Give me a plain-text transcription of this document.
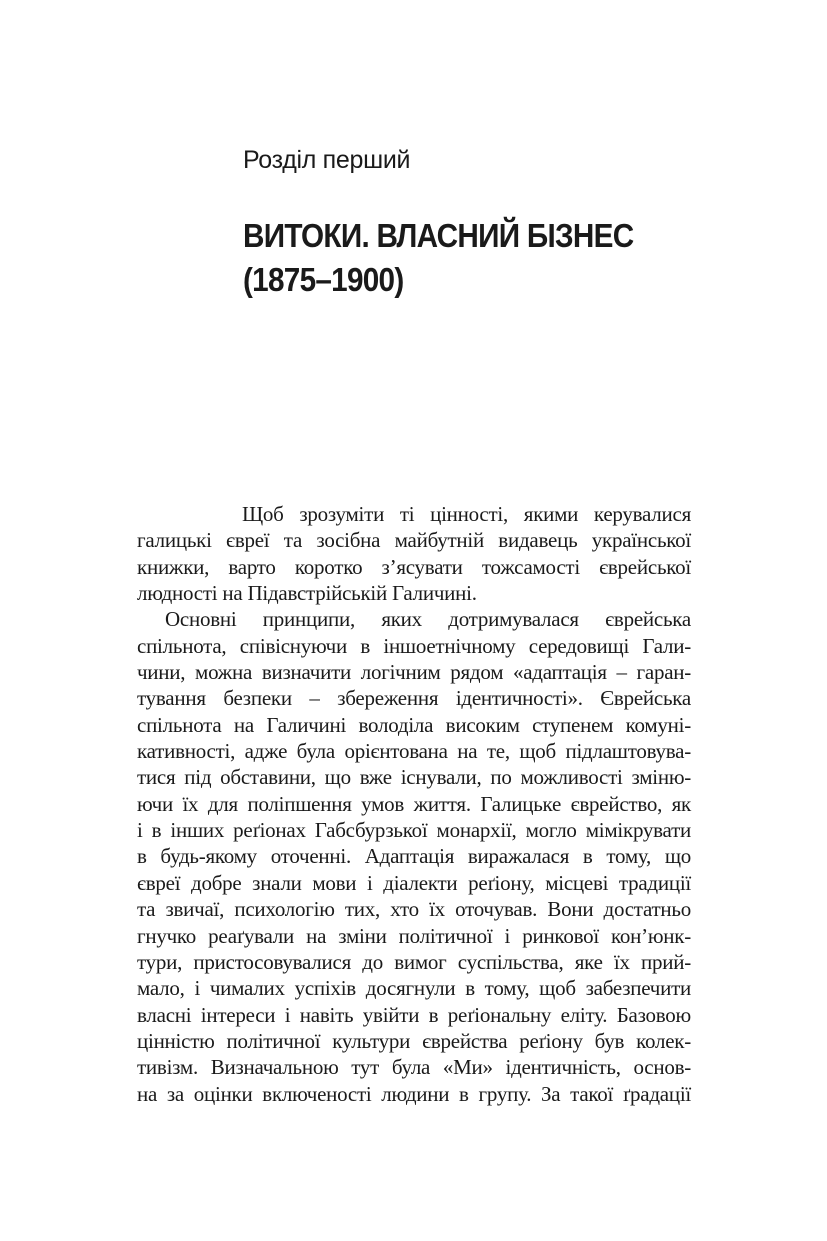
Розділ перший
ВИТОКИ. ВЛАСНИЙ БІЗНЕС
(1875–1900)
Щоб зрозуміти ті цінності, якими керувалися
галицькі євреї та зосібна майбутній видавець української
книжки, варто коротко з’ясувати тожсамості єврейської
людності на Підавстрійській Галичині.
Основні принципи, яких дотримувалася єврейська
спільнота, співіснуючи в іншоетнічному середовищі Гали-
чини, можна визначити логічним рядом «адаптація – гаран-
тування безпеки – збереження ідентичності». Єврейська
спільнота на Галичині володіла високим ступенем комуні-
кативності, адже була орієнтована на те, щоб підлаштовува-
тися під обставини, що вже існували, по можливості зміню-
ючи їх для поліпшення умов життя. Галицьке єврейство, як
і в інших реґіонах Габсбурзької монархії, могло мімікрувати
в будь-якому оточенні. Адаптація виражалася в тому, що
євреї добре знали мови і діалекти реґіону, місцеві традиції
та звичаї, психологію тих, хто їх оточував. Вони достатньо
гнучко реаґували на зміни політичної і ринкової кон’юнк-
тури, пристосовувалися до вимог суспільства, яке їх прий-
мало, і чималих успіхів досягнули в тому, щоб забезпечити
власні інтереси і навіть увійти в реґіональну еліту. Базовою
цінністю політичної культури єврейства реґіону був колек-
тивізм. Визначальною тут була «Ми» ідентичність, основ-
на за оцінки включеності людини в групу. За такої ґрадації
